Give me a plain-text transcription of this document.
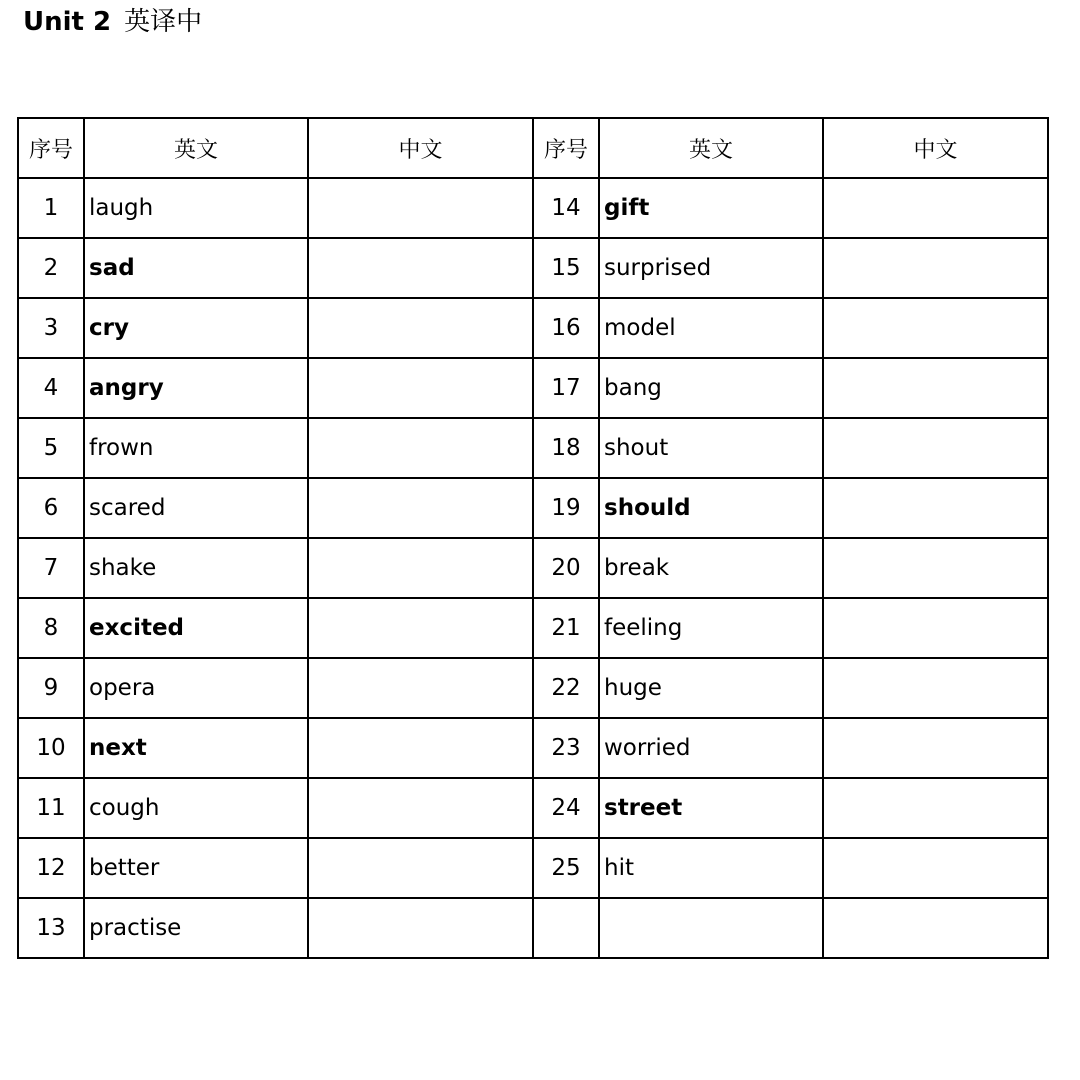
Unit 2 英译中
序号	英文	中文	序号	英文	中文
1	laugh		14	gift	
2	sad		15	surprised	
3	cry		16	model	
4	angry		17	bang	
5	frown		18	shout	
6	scared		19	should	
7	shake		20	break	
8	excited		21	feeling	
9	opera		22	huge	
10	next		23	worried	
11	cough		24	street	
12	better		25	hit	
13	practise				
